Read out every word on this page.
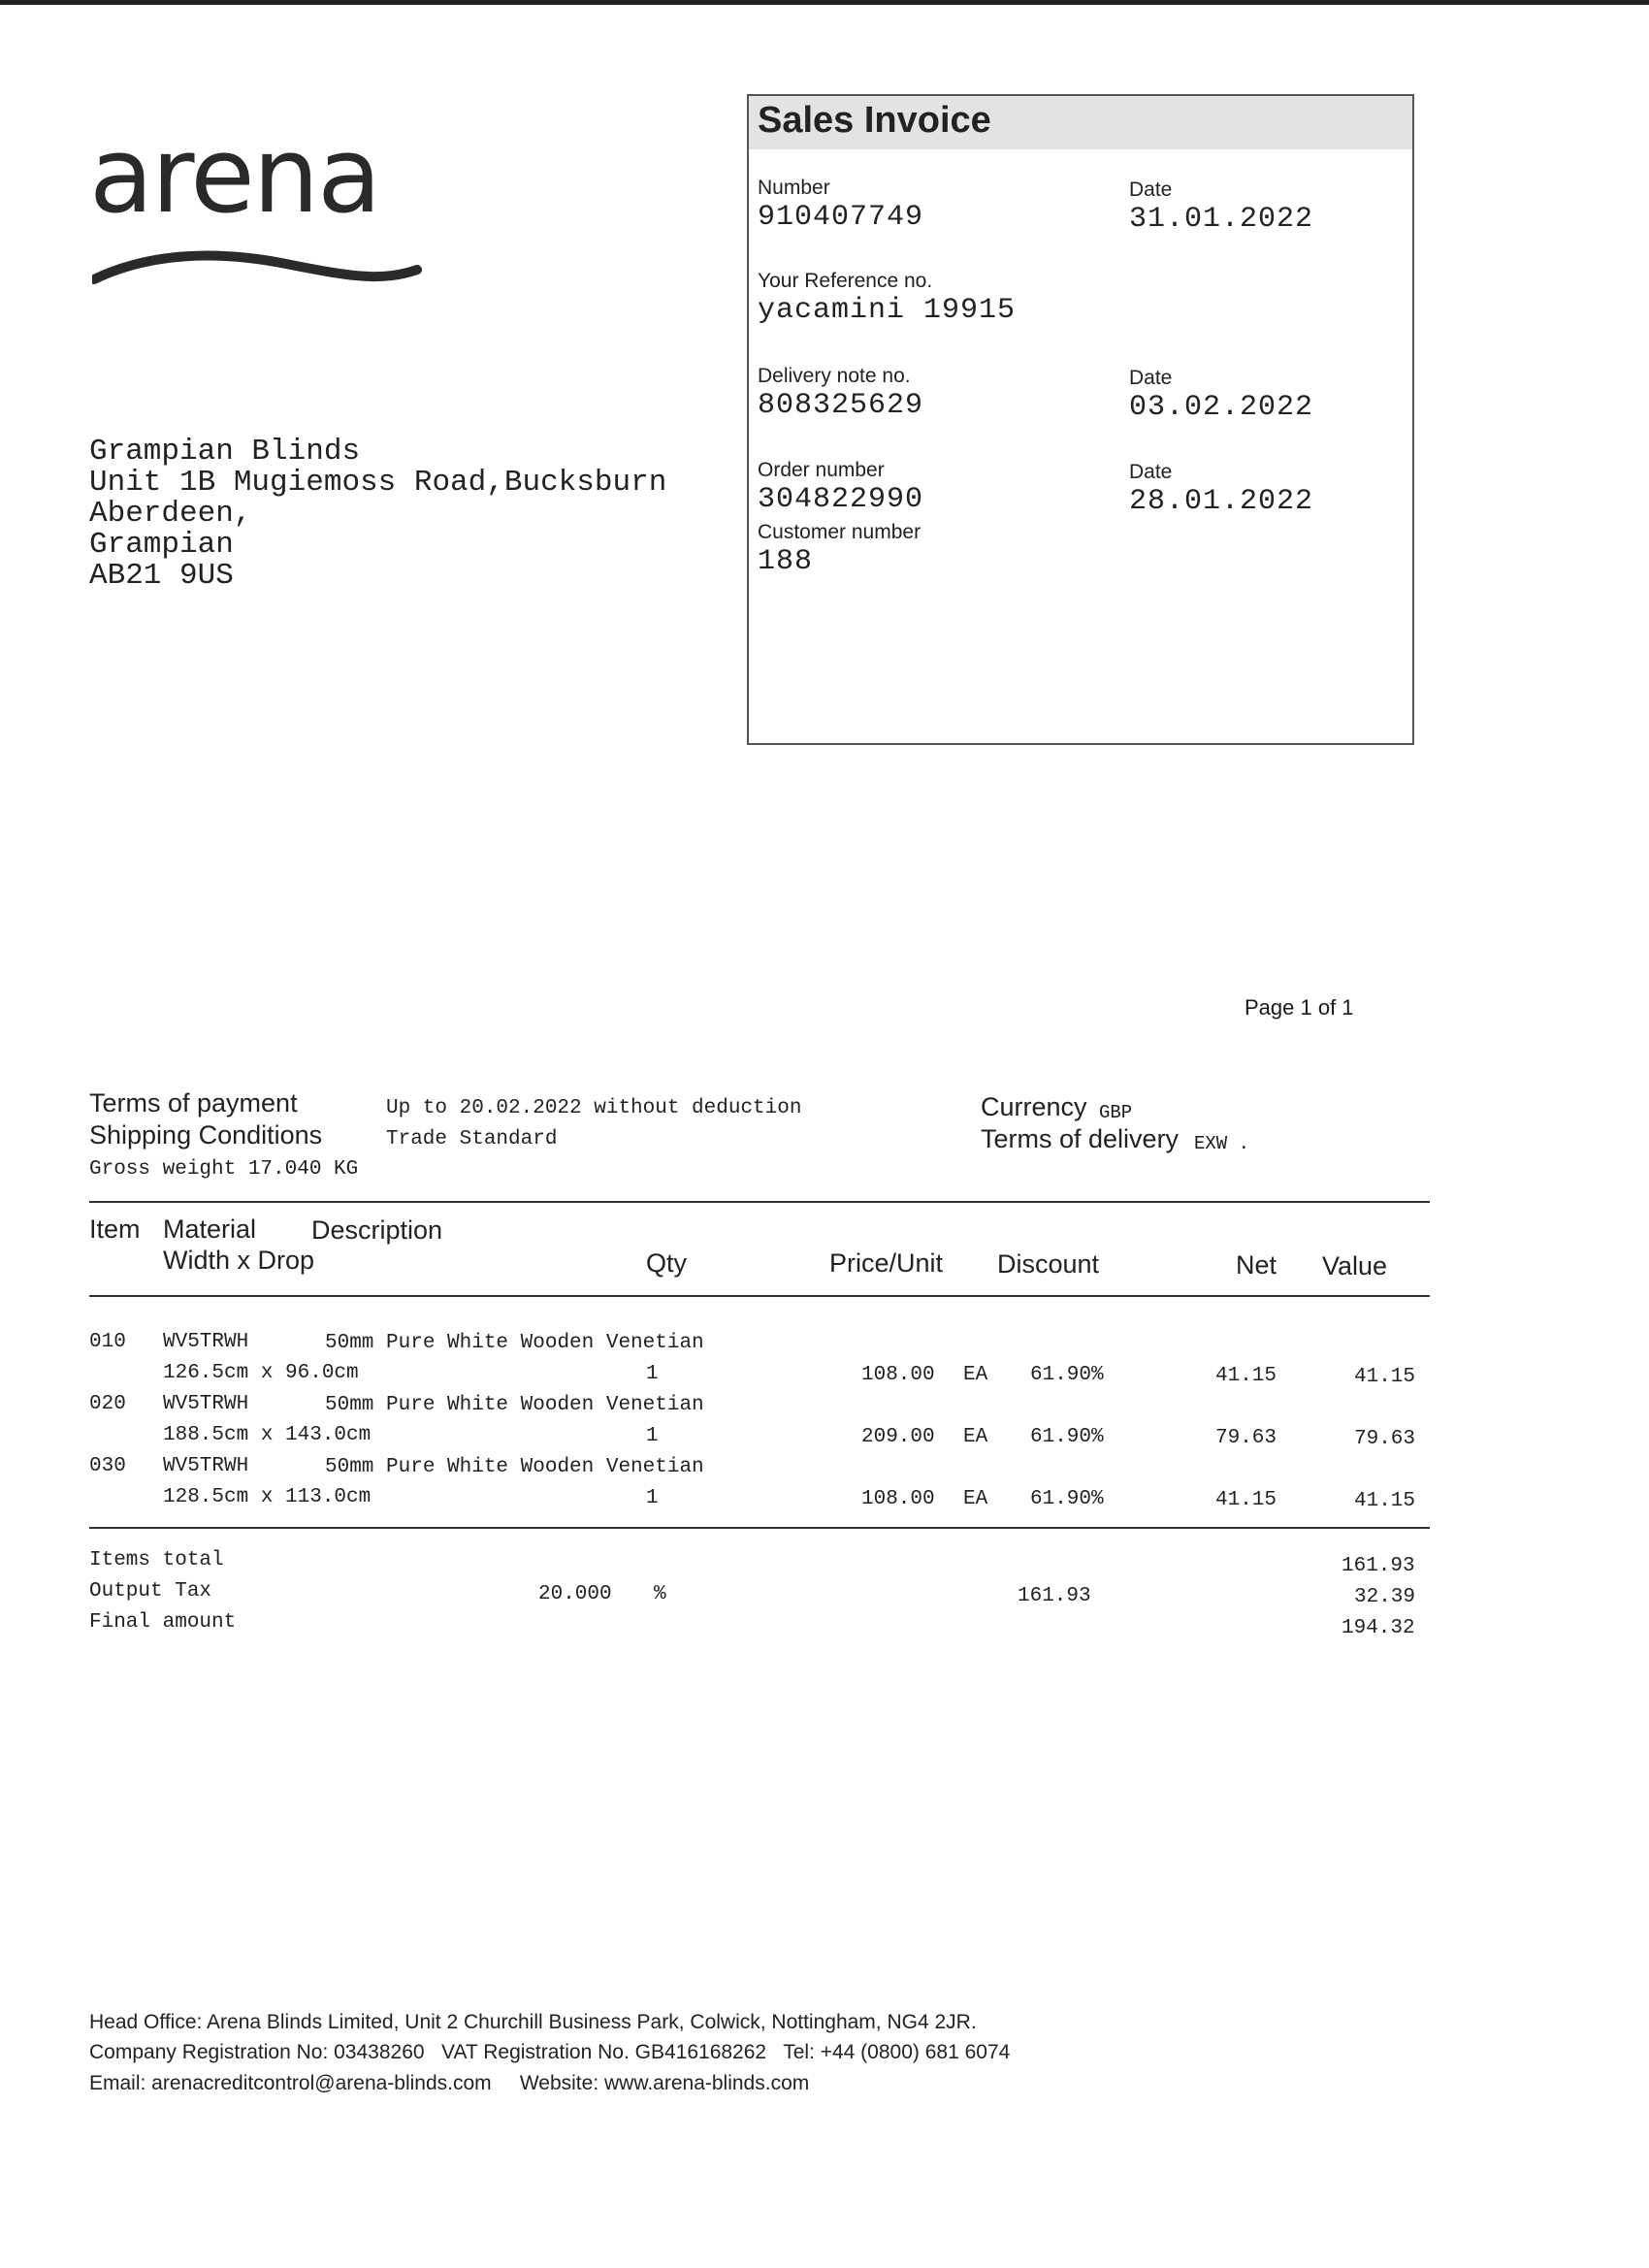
arena
Grampian Blinds
Unit 1B Mugiemoss Road,Bucksburn
Aberdeen,
Grampian
AB21 9US
Sales Invoice
Number
910407749
Date
31.01.2022
Your Reference no.
yacamini 19915
Delivery note no.
808325629
Date
03.02.2022
Order number
304822990
Date
28.01.2022
Customer number
188
Page 1 of 1
Terms of payment	Up to 20.02.2022 without deduction
Shipping Conditions	Trade Standard
Gross weight 17.040 KG
Currency GBP
Terms of delivery EXW .
Item Material Description
Width x Drop	Qty	Price/Unit Discount	Net Value
010 WV5TRWH	50mm Pure White Wooden Venetian
126.5cm x 96.0cm	1	108.00 EA 61.90%	41.15	41.15
020 WV5TRWH	50mm Pure White Wooden Venetian
188.5cm x 143.0cm	1	209.00 EA 61.90%	79.63	79.63
030 WV5TRWH	50mm Pure White Wooden Venetian
128.5cm x 113.0cm	1	108.00 EA 61.90%	41.15	41.15
Items total	161.93
Output Tax	20.000 %	161.93	32.39
Final amount	194.32
Head Office: Arena Blinds Limited, Unit 2 Churchill Business Park, Colwick, Nottingham, NG4 2JR.
Company Registration No: 03438260   VAT Registration No. GB416168262   Tel: +44 (0800) 681 6074
Email: arenacreditcontrol@arena-blinds.com     Website: www.arena-blinds.com
